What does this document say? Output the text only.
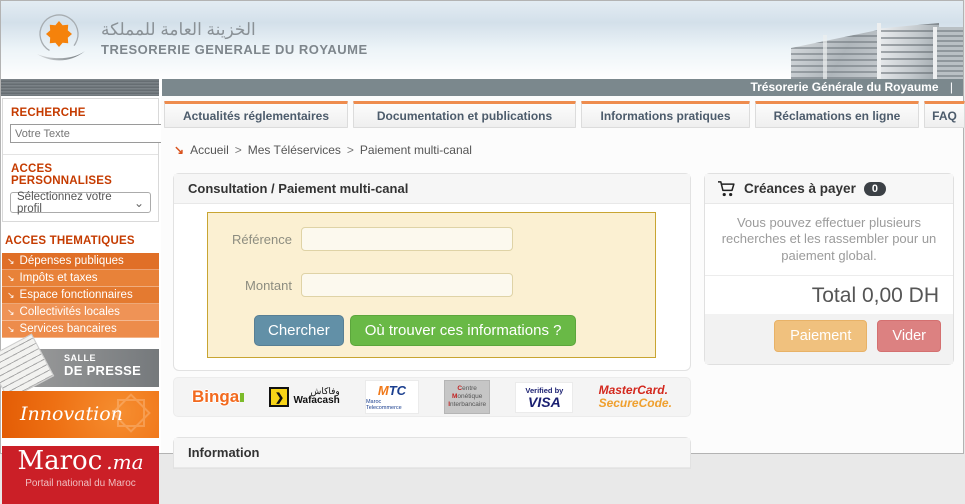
الخزينة العامة للمملكة
TRESORERIE GENERALE DU ROYAUME
Trésorerie Générale du Royaume |
RECHERCHE
Votre Texte
ACCES PERSONNALISES
Sélectionnez votre profil	⌄
ACCES THEMATIQUES
↘ Dépenses publiques
↘ Impôts et taxes
↘ Espace fonctionnaires
↘ Collectivités locales
↘ Services bancaires
SALLE
DE PRESSE
Innovation
Maroc .ma
Portail national du Maroc
Actualités réglementaires	Documentation et publications	Informations pratiques	Réclamations en ligne	FAQ
↘ Accueil > Mes Téléservices > Paiement multi-canal
Consultation / Paiement multi-canal
Référence
Montant
Chercher	Où trouver ces informations ?
Binga	❯
وفاكاش
Wafacash
MTC
Maroc Telecommerce
Centre
Monétique
Interbancaire
Verified by
VISA
MasterCard.
SecureCode.
Information
Créances à payer	0
Vous pouvez effectuer plusieurs recherches et les rassembler pour un paiement global.
Total 0,00 DH
Paiement	Vider
